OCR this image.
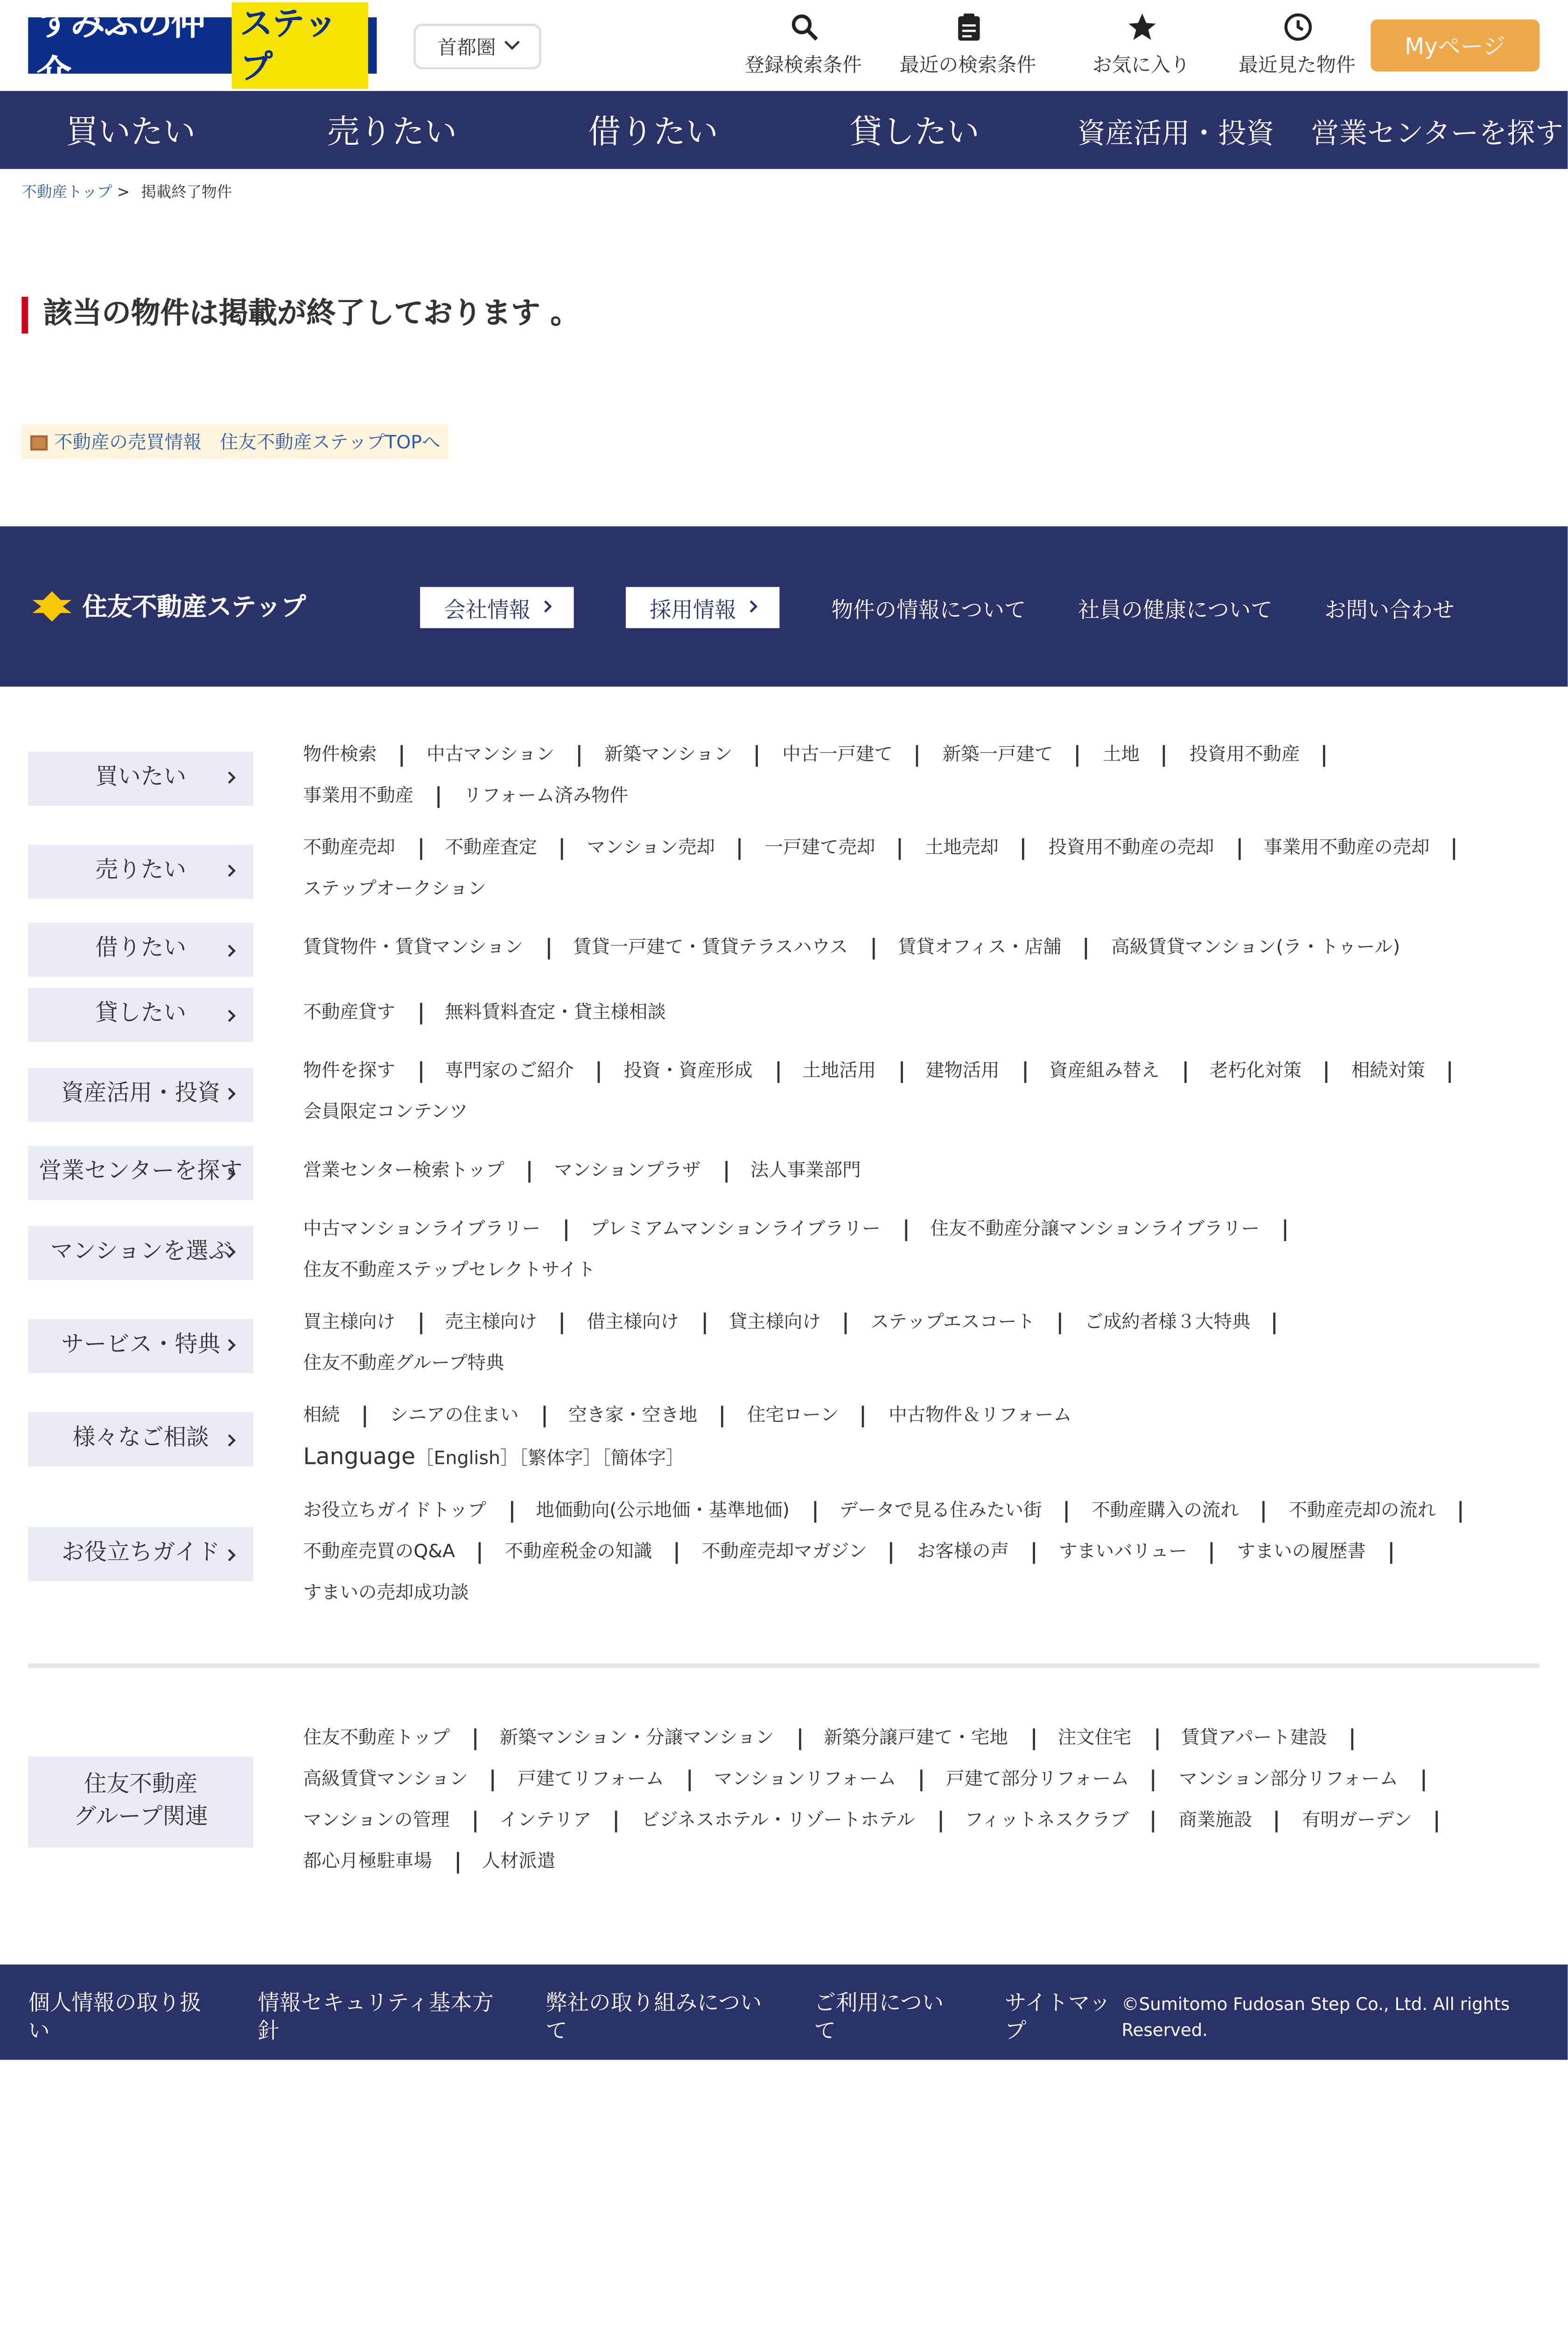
すみふの仲介
ステップ	首都圏
登録検索条件	最近の検索条件	お気に入り	最近見た物件
Myページ
買いたい	売りたい	借りたい	貸したい	資産活用・投資	営業センターを探す
不動産トップ >	掲載終了物件
該当の物件は掲載が終了しております 。
不動産の売買情報　住友不動産ステップTOPへ
住友不動産ステップ	会社情報	採用情報	物件の情報について	社員の健康について	お問い合わせ
買いたい
物件検索	中古マンション	新築マンション	中古一戸建て	新築一戸建て	土地	投資用不動産
事業用不動産	リフォーム済み物件
売りたい
不動産売却	不動産査定	マンション売却	一戸建て売却	土地売却	投資用不動産の売却	事業用不動産の売却
ステップオークション
借りたい	賃貸物件・賃貸マンション	賃貸一戸建て・賃貸テラスハウス	賃貸オフィス・店舗	高級賃貸マンション(ラ・トゥール)
貸したい	不動産貸す	無料賃料査定・貸主様相談
資産活用・投資
物件を探す	専門家のご紹介	投資・資産形成	土地活用	建物活用	資産組み替え	老朽化対策	相続対策
会員限定コンテンツ
営業センターを探す	営業センター検索トップ	マンションプラザ	法人事業部門
マンションを選ぶ
中古マンションライブラリー	プレミアムマンションライブラリー	住友不動産分譲マンションライブラリー
住友不動産ステップセレクトサイト
サービス・特典
買主様向け	売主様向け	借主様向け	貸主様向け	ステップエスコート	ご成約者様３大特典
住友不動産グループ特典
様々なご相談
相続	シニアの住まい	空き家・空き地	住宅ローン	中古物件＆リフォーム
Language［English］［繁体字］［簡体字］
お役立ちガイド
お役立ちガイドトップ	地価動向(公示地価・基準地価)	データで見る住みたい街	不動産購入の流れ	不動産売却の流れ
不動産売買のQ&A	不動産税金の知識	不動産売却マガジン	お客様の声	すまいバリュー	すまいの履歴書
すまいの売却成功談
住友不動産
グループ関連
住友不動産トップ	新築マンション・分譲マンション	新築分譲戸建て・宅地	注文住宅	賃貸アパート建設
高級賃貸マンション	戸建てリフォーム	マンションリフォーム	戸建て部分リフォーム	マンション部分リフォーム
マンションの管理	インテリア	ビジネスホテル・リゾートホテル	フィットネスクラブ	商業施設	有明ガーデン
都心月極駐車場	人材派遣
個人情報の取り扱い
情報セキュリティ基本方針
弊社の取り組みについて
ご利用について
サイトマップ
©Sumitomo Fudosan Step Co., Ltd. All rights Reserved.
